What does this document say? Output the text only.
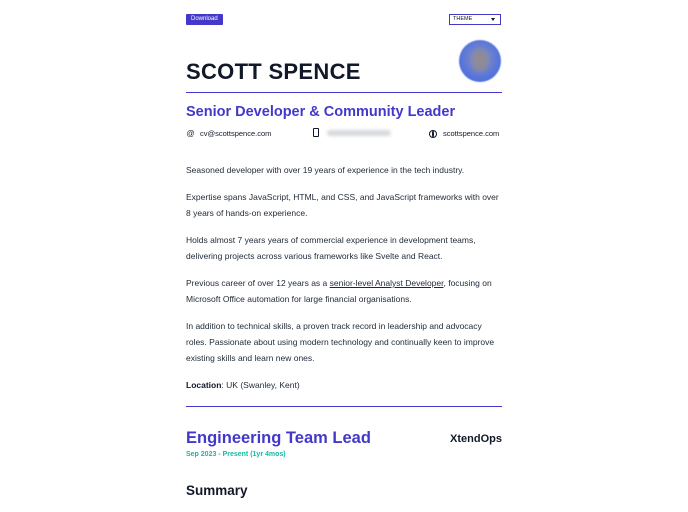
Download	THEME
SCOTT SPENCE
Senior Developer & Community Leader
@ cv@scottspence.com	scottspence.com

Seasoned developer with over 19 years of experience in the tech industry.

Expertise spans JavaScript, HTML, and CSS, and JavaScript frameworks with over 8 years of hands-on experience.

Holds almost 7 years years of commercial experience in development teams, delivering projects across various frameworks like Svelte and React.

Previous career of over 12 years as a senior-level Analyst Developer, focusing on Microsoft Office automation for large financial organisations.

In addition to technical skills, a proven track record in leadership and advocacy roles. Passionate about using modern technology and continually keen to improve existing skills and learn new ones.

Location: UK (Swanley, Kent)

Engineering Team Lead	XtendOps
Sep 2023 - Present (1yr 4mos)
Summary
